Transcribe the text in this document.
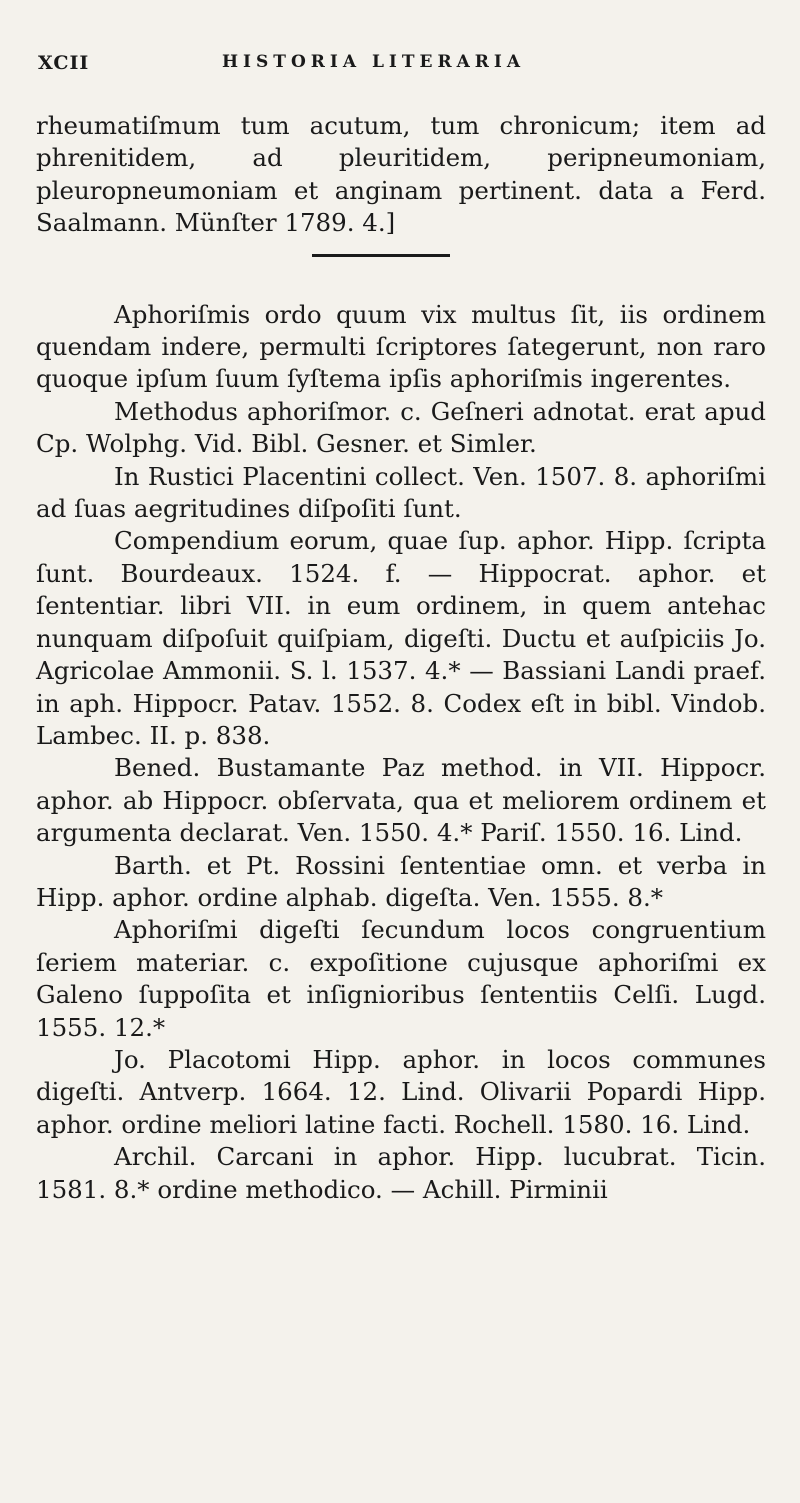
XCII	HISTORIA LITERARIA

rheumatiſmum tum acutum, tum chronicum; item ad phrenitidem, ad pleuritidem, peripneumoniam, pleuropneumoniam et anginam pertinent. data a Ferd. Saalmann. Münſter 1789. 4.]

Aphoriſmis ordo quum vix multus ſit, iis ordinem quendam indere, permulti ſcriptores ſategerunt, non raro quoque ipſum ſuum ſyſtema ipſis aphoriſmis ingerentes.

Methodus aphoriſmor. c. Geſneri adnotat. erat apud Cp. Wolphg. Vid. Bibl. Gesner. et Simler.

In Rustici Placentini collect. Ven. 1507. 8. aphoriſmi ad ſuas aegritudines diſpoſiti ſunt.

Compendium eorum, quae ſup. aphor. Hipp. ſcripta ſunt. Bourdeaux. 1524. f. — Hippocrat. aphor. et ſententiar. libri VII. in eum ordinem, in quem antehac nunquam diſpoſuit quiſpiam, digeſti. Ductu et auſpiciis Jo. Agricolae Ammonii. S. l. 1537. 4.* — Bassiani Landi praef. in aph. Hippocr. Patav. 1552. 8. Codex eſt in bibl. Vindob. Lambec. II. p. 838.

Bened. Bustamante Paz method. in VII. Hippocr. aphor. ab Hippocr. obſervata, qua et meliorem ordinem et argumenta declarat. Ven. 1550. 4.* Pariſ. 1550. 16. Lind.

Barth. et Pt. Rossini ſententiae omn. et verba in Hipp. aphor. ordine alphab. digeſta. Ven. 1555. 8.*

Aphoriſmi digeſti ſecundum locos congruentium ſeriem materiar. c. expoſitione cujusque aphoriſmi ex Galeno ſuppoſita et inſignioribus ſententiis Celſi. Lugd. 1555. 12.*

Jo. Placotomi Hipp. aphor. in locos communes digeſti. Antverp. 1664. 12. Lind. Olivarii Popardi Hipp. aphor. ordine meliori latine facti. Rochell. 1580. 16. Lind.

Archil. Carcani in aphor. Hipp. lucubrat. Ticin. 1581. 8.* ordine methodico. — Achill. Pirminii
